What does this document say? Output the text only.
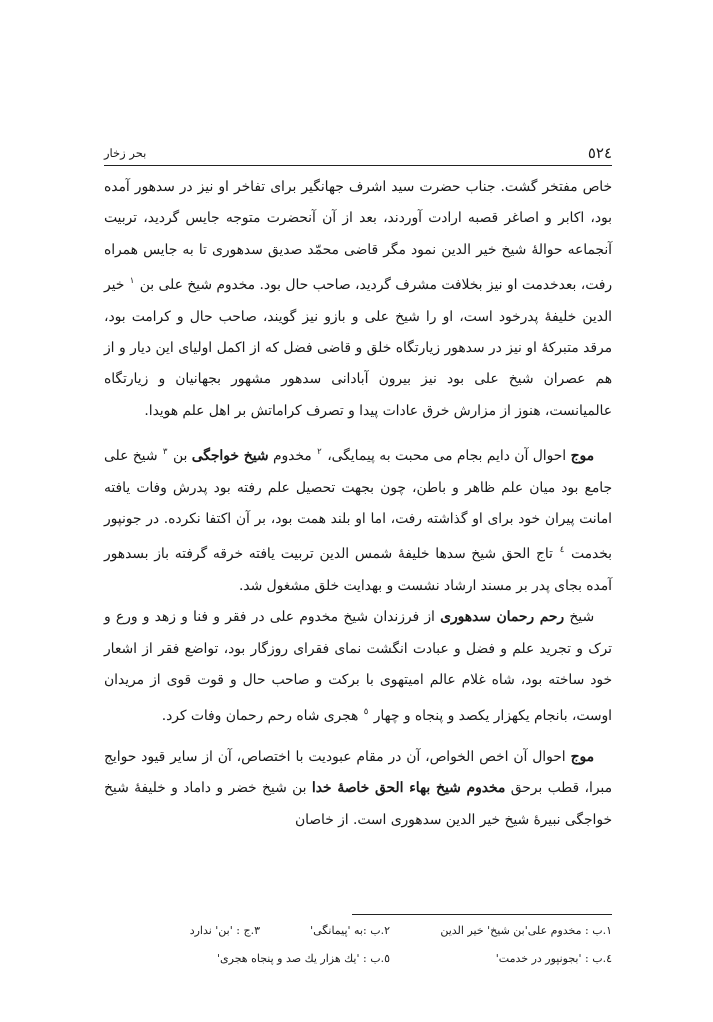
٥٢٤
بحر زخار

خاص مفتخر گشت. جناب حضرت سید اشرف جهانگیر برای تفاخر او نیز در سدهور آمده بود، اکابر و اصاغر قصبه ارادت آوردند، بعد از آن آنحضرت متوجه جایس گردید، تربیت آنجماعه حوالهٔ شیخ خیر الدین نمود مگر قاضی محمّد صدیق سدهوری تا به جایس همراه رفت، بعدخدمت او نیز بخلافت مشرف گردید، صاحب حال بود. مخدوم شیخ علی بن $^١$ خیر الدین خلیفهٔ پدرخود است، او را شیخ علی و بازو نیز گویند، صاحب حال و کرامت بود، مرقد متبرکهٔ او نیز در سدهور زیارتگاه خلق و قاضی فضل که از اکمل اولیای این دیار و از هم عصران شیخ علی بود نیز بیرون آبادانی سدهور مشهور بجهانیان و زیارتگاه عالمیانست، هنوز از مزارش خرق عادات پیدا و تصرف کراماتش بر اهل علم هویدا.

موج احوال آن دایم بجام می محبت به پیمایگی، $^٢$ مخدوم شیخ خواجگی بن $^٣$ شیخ علی جامع بود میان علم ظاهر و باطن، چون بجهت تحصیل علم رفته بود پدرش وفات یافته امانت پیران خود برای او گذاشته رفت، اما او بلند همت بود، بر آن اکتفا نکرده. در جونپور بخدمت $^٤$ تاج الحق شیخ سدها خلیفهٔ شمس الدین تربیت یافته خرقه گرفته باز بسدهور آمده بجای پدر بر مسند ارشاد نشست و بهدایت خلق مشغول شد.

شیخ رحم رحمان سدهوری از فرزندان شیخ مخدوم علی در فقر و فنا و زهد و ورع و ترک و تجرید علم و فضل و عبادت انگشت نمای فقرای روزگار بود، تواضع فقر از اشعار خود ساخته بود، شاه غلام عالم امیتهوی با برکت و صاحب حال و قوت قوی از مریدان اوست، بانجام یکهزار یکصد و پنجاه و چهار $^٥$ هجری شاه رحم رحمان وفات کرد.

موج احوال آن اخص الخواص، آن در مقام عبودیت با اختصاص، آن از سایر قیود حوایج مبرا، قطب برحق مخدوم شیخ بهاء الحق خاصهٔ خدا بن شیخ خضر و داماد و خلیفهٔ شیخ خواجگی نبیرهٔ شیخ خیر الدین سدهوری است. از خاصان

١.ب : مخدوم علی'بن شیخ' خیر الدین
٢.ب :به 'پیمانگی'
٣.ج : 'بن' ندارد
٤.ب : 'بجونپور در خدمت'
٥.ب : 'یك هزار یك صد و پنجاه هجری'
